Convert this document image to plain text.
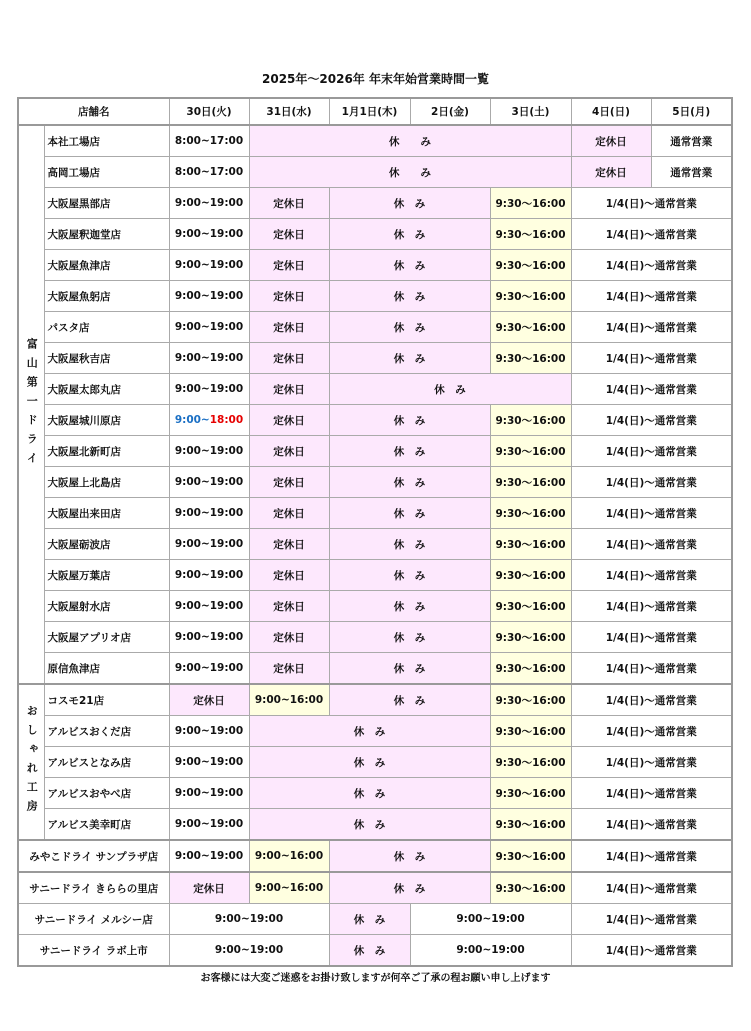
2025年～2026年 年末年始営業時間一覧
店舗名		30日(火)	31日(水)	1月1日(木)	2日(金)	3日(土)	4日(日)	5日(月)
富山第一ドライ	本社工場店	8:00~17:00	休　　み				定休日	通常営業
	高岡工場店	8:00~17:00	休　　み				定休日	通常営業
	大阪屋黒部店	9:00~19:00	定休日	休　み		9:30～16:00	1/4(日)～通常営業	
	大阪屋釈迦堂店	9:00~19:00	定休日	休　み		9:30～16:00	1/4(日)～通常営業	
	大阪屋魚津店	9:00~19:00	定休日	休　み		9:30～16:00	1/4(日)～通常営業	
	大阪屋魚躬店	9:00~19:00	定休日	休　み		9:30～16:00	1/4(日)～通常営業	
	パスタ店	9:00~19:00	定休日	休　み		9:30～16:00	1/4(日)～通常営業	
	大阪屋秋吉店	9:00~19:00	定休日	休　み		9:30～16:00	1/4(日)～通常営業	
	大阪屋太郎丸店	9:00~19:00	定休日	休　み			1/4(日)～通常営業	
	大阪屋城川原店	9:00~18:00	定休日	休　み		9:30～16:00	1/4(日)～通常営業	
	大阪屋北新町店	9:00~19:00	定休日	休　み		9:30～16:00	1/4(日)～通常営業	
	大阪屋上北島店	9:00~19:00	定休日	休　み		9:30～16:00	1/4(日)～通常営業	
	大阪屋出来田店	9:00~19:00	定休日	休　み		9:30～16:00	1/4(日)～通常営業	
	大阪屋砺波店	9:00~19:00	定休日	休　み		9:30～16:00	1/4(日)～通常営業	
	大阪屋万葉店	9:00~19:00	定休日	休　み		9:30～16:00	1/4(日)～通常営業	
	大阪屋射水店	9:00~19:00	定休日	休　み		9:30～16:00	1/4(日)～通常営業	
	大阪屋アプリオ店	9:00~19:00	定休日	休　み		9:30～16:00	1/4(日)～通常営業	
	原信魚津店	9:00~19:00	定休日	休　み		9:30～16:00	1/4(日)～通常営業	
おしゃれ工房	コスモ21店	定休日	9:00~16:00	休　み		9:30～16:00	1/4(日)～通常営業	
	アルビスおくだ店	9:00~19:00	休　み			9:30～16:00	1/4(日)～通常営業	
	アルビスとなみ店	9:00~19:00	休　み			9:30～16:00	1/4(日)～通常営業	
	アルビスおやべ店	9:00~19:00	休　み			9:30～16:00	1/4(日)～通常営業	
	アルビス美幸町店	9:00~19:00	休　み			9:30～16:00	1/4(日)～通常営業	
みやこドライ サンプラザ店		9:00~19:00	9:00~16:00	休　み		9:30～16:00	1/4(日)～通常営業	
サニードライ きららの里店		定休日	9:00~16:00	休　み		9:30～16:00	1/4(日)～通常営業	
サニードライ メルシー店		9:00~19:00		休　み	9:00~19:00		1/4(日)～通常営業	
サニードライ ラボ上市		9:00~19:00		休　み	9:00~19:00		1/4(日)～通常営業	
お客様には大変ご迷惑をお掛け致しますが何卒ご了承の程お願い申し上げます
